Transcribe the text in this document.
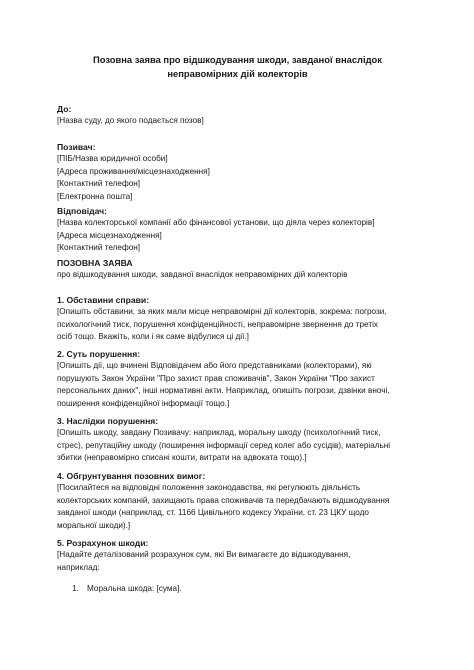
Позовна заява про відшкодування шкоди, завданої внаслідок
неправомірних дій колекторів
До:
[Назва суду, до якого подається позов]
Позивач:
[ПІБ/Назва юридичної особи]
[Адреса проживання/місцезнаходження]
[Контактний телефон]
[Електронна пошта]
Відповідач:
[Назва колекторської компанії або фінансової установи, що діяла через колекторів]
[Адреса місцезнаходження]
[Контактний телефон]
ПОЗОВНА ЗАЯВА
про відшкодування шкоди, завданої внаслідок неправомірних дій колекторів
1. Обставини справи:
[Опишіть обставини, за яких мали місце неправомірні дії колекторів, зокрема: погрози,
психологічний тиск, порушення конфіденційності, неправомірне звернення до третіх
осіб тощо. Вкажіть, коли і як саме відбулися ці дії.]
2. Суть порушення:
[Опишіть дії, що вчинені Відповідачем або його представниками (колекторами), які
порушують Закон України "Про захист прав споживачів", Закон України "Про захист
персональних даних", інші нормативні акти. Наприклад, опишіть погрози, дзвінки вночі,
поширення конфіденційної інформації тощо.]
3. Наслідки порушення:
[Опишіть шкоду, завдану Позивачу: наприклад, моральну шкоду (психологічний тиск,
стрес), репутаційну шкоду (поширення інформації серед колег або сусідів), матеріальні
збитки (неправомірно списані кошти, витрати на адвоката тощо).]
4. Обгрунтування позовних вимог:
[Посилайтеся на відповідні положення законодавства, які регулюють діяльність
колекторських компаній, захищають права споживачів та передбачають відшкодування
завданої шкоди (наприклад, ст. 1166 Цивільного кодексу України, ст. 23 ЦКУ щодо
моральної шкоди).]
5. Розрахунок шкоди:
[Надайте деталізований розрахунок сум, які Ви вимагаєте до відшкодування,
наприклад:
1. Моральна шкода: [сума].
